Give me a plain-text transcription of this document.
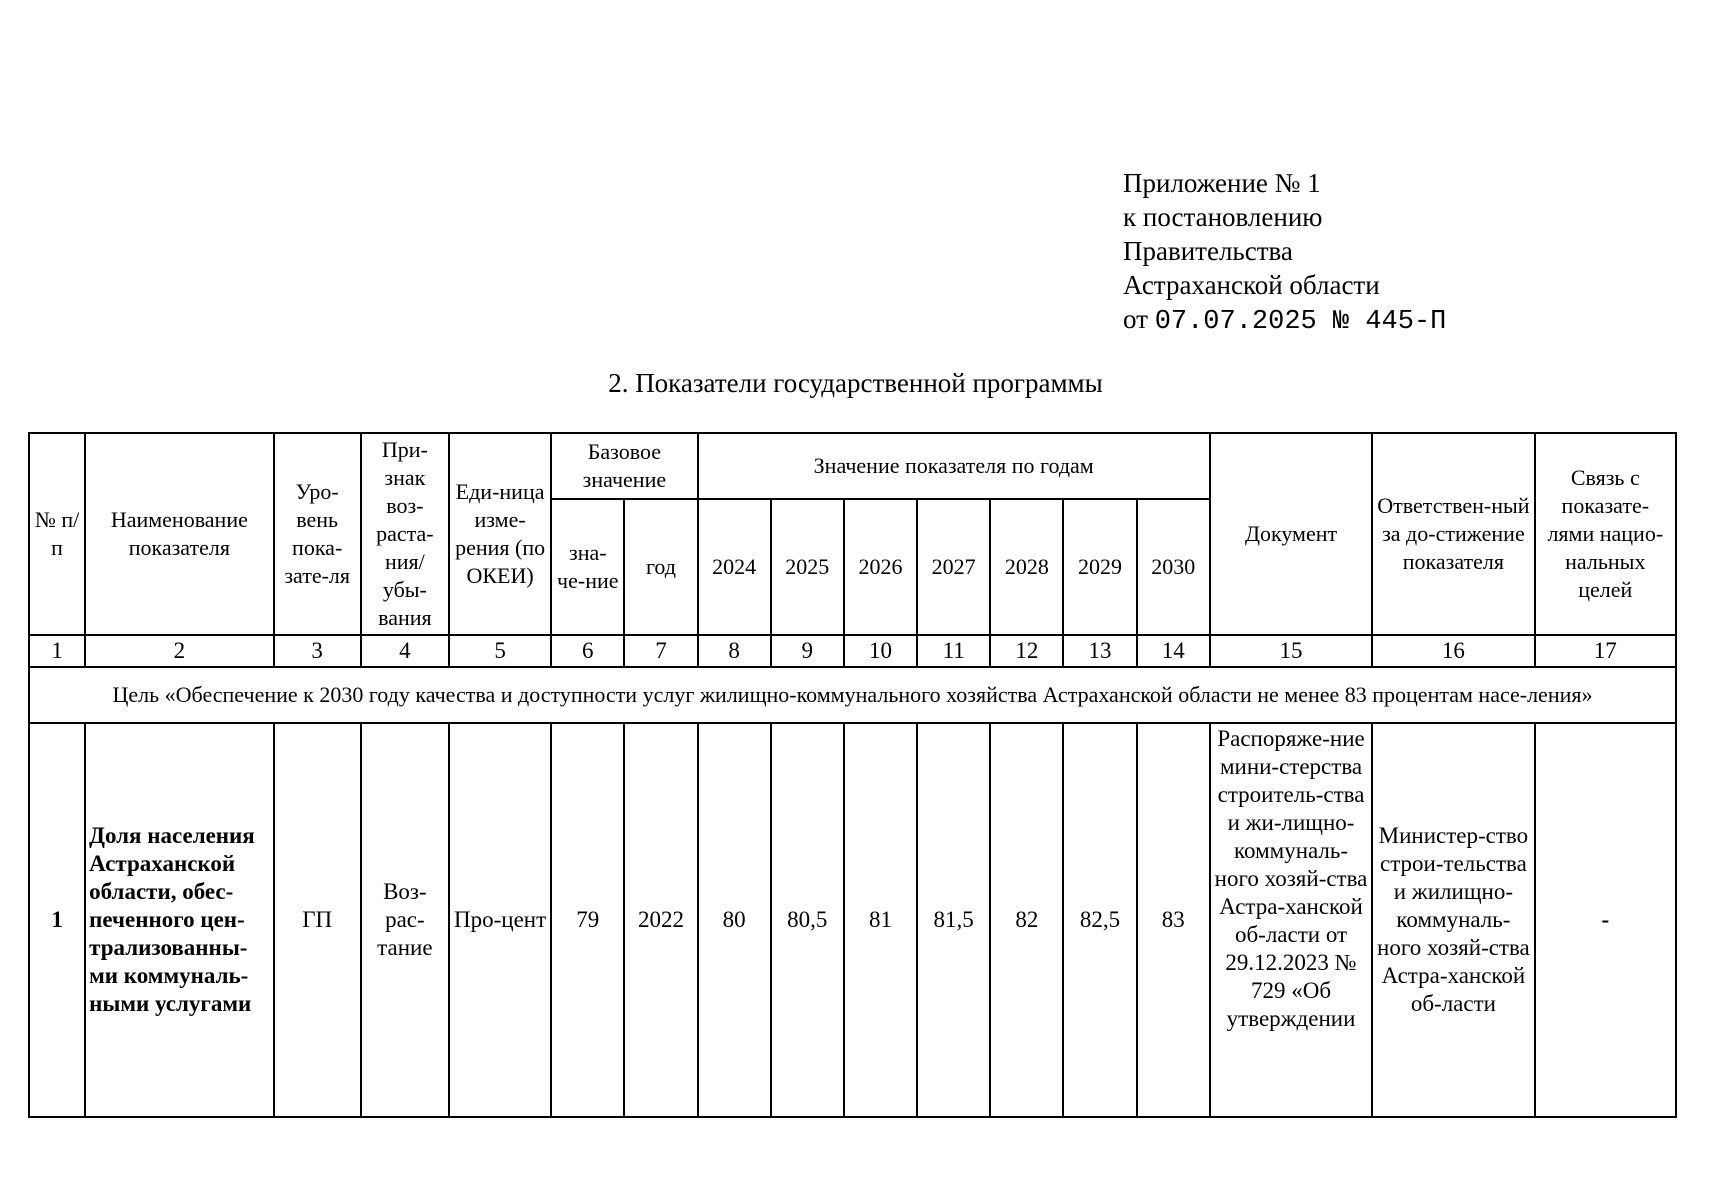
Приложение № 1
к постановлению
Правительства
Астраханской области
от 07.07.2025 № 445-П
2. Показатели государственной программы
№ п/п	Наименование показателя	Уро-вень пока-зате-ля	При-знак воз-раста-ния/ убы-вания	Еди-ница изме-рения (по ОКЕИ)	Базовое значение		Значение показателя по годам							Документ	Ответствен-ный за до-стижение показателя	Связь с показате-лями нацио-нальных целей
					зна-че-ние	год	2024	2025	2026	2027	2028	2029	2030			
1	2	3	4	5	6	7	8	9	10	11	12	13	14	15	16	17
Цель «Обеспечение к 2030 году качества и доступности услуг жилищно-коммунального хозяйства Астраханской области не менее 83 процентам насе-ления»																
1	Доля населения Астраханской области, обес-печенного цен-трализованны-ми коммуналь-ными услугами	ГП	Воз-рас-тание	Про-цент	79	2022	80	80,5	81	81,5	82	82,5	83	Распоряже-ние мини-стерства строитель-ства и жи-лищно-коммуналь-ного хозяй-ства Астра-ханской об-ласти от 29.12.2023 № 729 «Об утверждении	Министер-ство строи-тельства и жилищно-коммуналь-ного хозяй-ства Астра-ханской об-ласти	-
